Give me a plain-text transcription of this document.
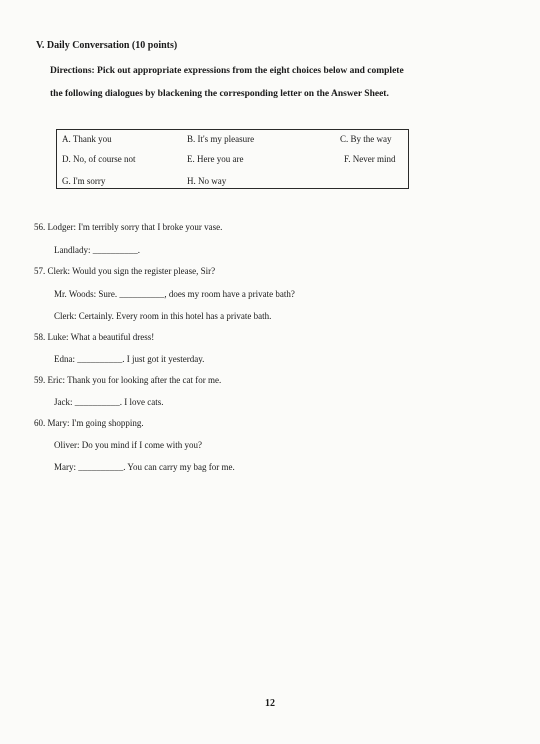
V. Daily Conversation (10 points)
Directions: Pick out appropriate expressions from the eight choices below and complete
the following dialogues by blackening the corresponding letter on the Answer Sheet.
A. Thank you	B. It's my pleasure	C. By the way
D. No, of course not	E. Here you are	F. Never mind
G. I'm sorry	H. No way
56. Lodger: I'm terribly sorry that I broke your vase.
Landlady: __________.
57. Clerk: Would you sign the register please, Sir?
Mr. Woods: Sure. __________, does my room have a private bath?
Clerk: Certainly. Every room in this hotel has a private bath.
58. Luke: What a beautiful dress!
Edna: __________. I just got it yesterday.
59. Eric: Thank you for looking after the cat for me.
Jack: __________. I love cats.
60. Mary: I'm going shopping.
Oliver: Do you mind if I come with you?
Mary: __________. You can carry my bag for me.
12
